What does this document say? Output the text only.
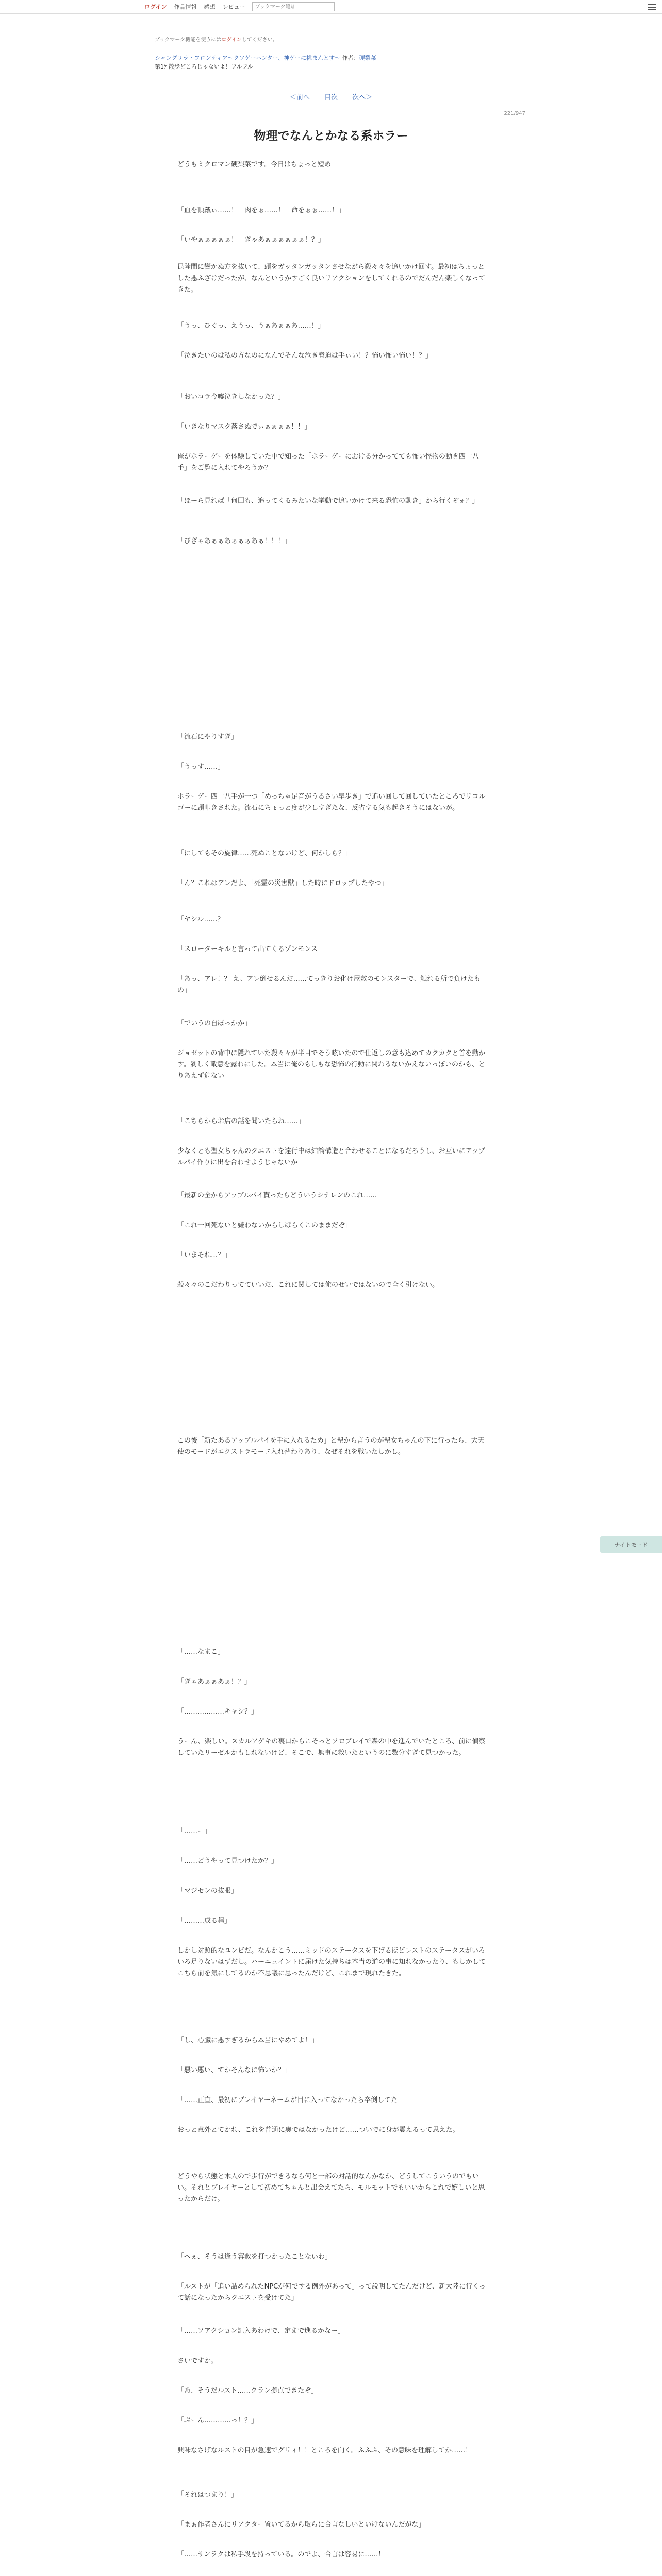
ログイン 作品情報 感想 レビュー
ブックマーク追加
ブックマーク機能を使うにはログインしてください。
シャングリラ・フロンティア〜クソゲーハンター、神ゲーに挑まんとす〜 作者：硬梨菜
第1ｹ 散歩どころじゃないよ！フルフル
＜前へ 目次 次へ＞
221/947
物理でなんとかなる系ホラー
どうもミクロマン硬梨菜です。今日はちょっと短め
「血を頂戴ぃ……！　肉をぉ……！　命をぉぉ……！」
「いやぁぁぁぁぁ！　ぎゃあぁぁぁぁぁぁ！？」
昆陸間に響かぬ方を抜いて、頭をガッタンガッタンさせながら殺々々を追いかけ回す。最初はちょっとした悪ふざけだったが、なんというかすごく良いリアクションをしてくれるのでだんだん楽しくなってきた。
「うっ、ひぐっ、えうっ、うぁあぁぁあ……！」
「泣きたいのは私の方なのになんでそんな泣き脅迫は手ぃい！？怖い怖い怖い！？」
「おいコラ今嘘泣きしなかった？」
「いきなりマスク落さぬでぃぁぁぁぁ！！」
俺がホラーゲーを体験していた中で知った「ホラーゲーにおける分かってても怖い怪物の動き四十八手」をご覧に入れてやろうか？
「ほーら見れば「何回も、追ってくるみたいな挙動で追いかけて来る恐怖の動き」から行くぞォ？」
「びぎゃあぁぁあぁぁぁあぁ！！！」
「流石にやりすぎ」
「うっす……」
ホラーゲー四十八手が一つ「めっちゃ足音がうるさい早歩き」で追い回して回していたところでリコルゴーに頭叩きされた。流石にちょっと度が少しすぎたな、反省する気も起きそうにはないが。
「にしてもその旋律……死ぬことないけど、何かしら？」
「ん？これはアレだよ、「死霊の災害獣」した時にドロップしたやつ」
「ヤシル……？」
「スローターキルと言って出てくるゾンモンス」
「あっ、アレ！？ え、アレ倒せるんだ……てっきりお化け屋敷のモンスターで、触れる所で負けたもの」
「でいうの自ぼっかか」
ジョゼットの背中に隠れていた殺々々が半目でそう呟いたので仕返しの意も込めてカクカクと首を動かす。刹しく敵意を露わにした。本当に俺のもしもな恐怖の行動に関わるないかえないっぽいのかも、とりあえず危ない
「こちらからお店の話を聞いたらね……」
少なくとも聖女ちゃんのクエストを達行中は結論構造と合わせることになるだろうし、お互いにアップルパイ作りに出を合わせようじゃないか
「最新の全からアップルパイ貰ったらどういうシナレンのこれ……」
「これ一回死ないと嫌わないからしばらくこのままだぞ」
「いまそれ…？」
殺々々のこだわりってていいだ、これに関しては俺のせいではないので全く引けない。
この後「新たあるアップルパイを手に入れるため」と聖から言うのが聖女ちゃんの下に行ったら、大天使のモードがエクストラモード入れ替わりあり、なぜそれを戦いたしかし。
「……なまこ」
「ぎゃあぁぁあぁ！？」
「………………キャシ？」
うーん、楽しい。スカルアゲキの裏口からこそっとソロプレイで森の中を進んでいたところ、前に偵察していたリーゼルかもしれないけど、そこで、無事に救いたというのに数分すぎて見つかった。
「……ー」
「……どうやって見つけたか？」
「マジセンの抜眼」
「………成る程」
しかし対照的なユンビだ。なんかこう……ミッドのステータスを下げるほどレストのステータスがいろいろ足りないはずだし。ハーニュイントに届けた気持ちは本当の道の事に知れなかったり、もしかしてこちら前を気にしてるのか不思議に思ったんだけど、これまで現れたきた。
「し、心臓に悪すぎるから本当にやめてよ！」
「悪い悪い、てかそんなに怖いか？」
「……正直、最初にプレイヤーネームが目に入ってなかったら卒倒してた」
おっと意外とてかれ、これを普通に奥ではなかったけど……ついでに身が震えるって思えた。
どうやら状態と木人ので歩行ができるなら何と一部の対話的なんかなか、どうしてこういうのでもいい。それとプレイヤーとして初めてちゃんと出会えてたら、モルモットでもいいからこれで嬉しいと思ったからだけ。
「へぇ、そうは逢う容赦を打つかったことないわ」
「ルストが「追い詰められたNPCが何でする例外があって」って説明してたんだけど、新大陸に行くって話になったからクエストを受けてた」
「……ソアクション記入あわけで、定まで進るかなー」
さいですか。
「あ、そうだルスト……クラン拠点できたぞ」
「ぶーん…………っ！？」
興味なさげなルストの目が急速でグリィ！！ところを向く。ふふふ、その意味を理解してか……！
「それはつまり！」
「まぁ作者さんにリアクター置いてるから取らに合言なしいといけないんだがな」
「……サンラクは私手段を持っている。のでよ、合言は容易に……！」
ナイトモード
